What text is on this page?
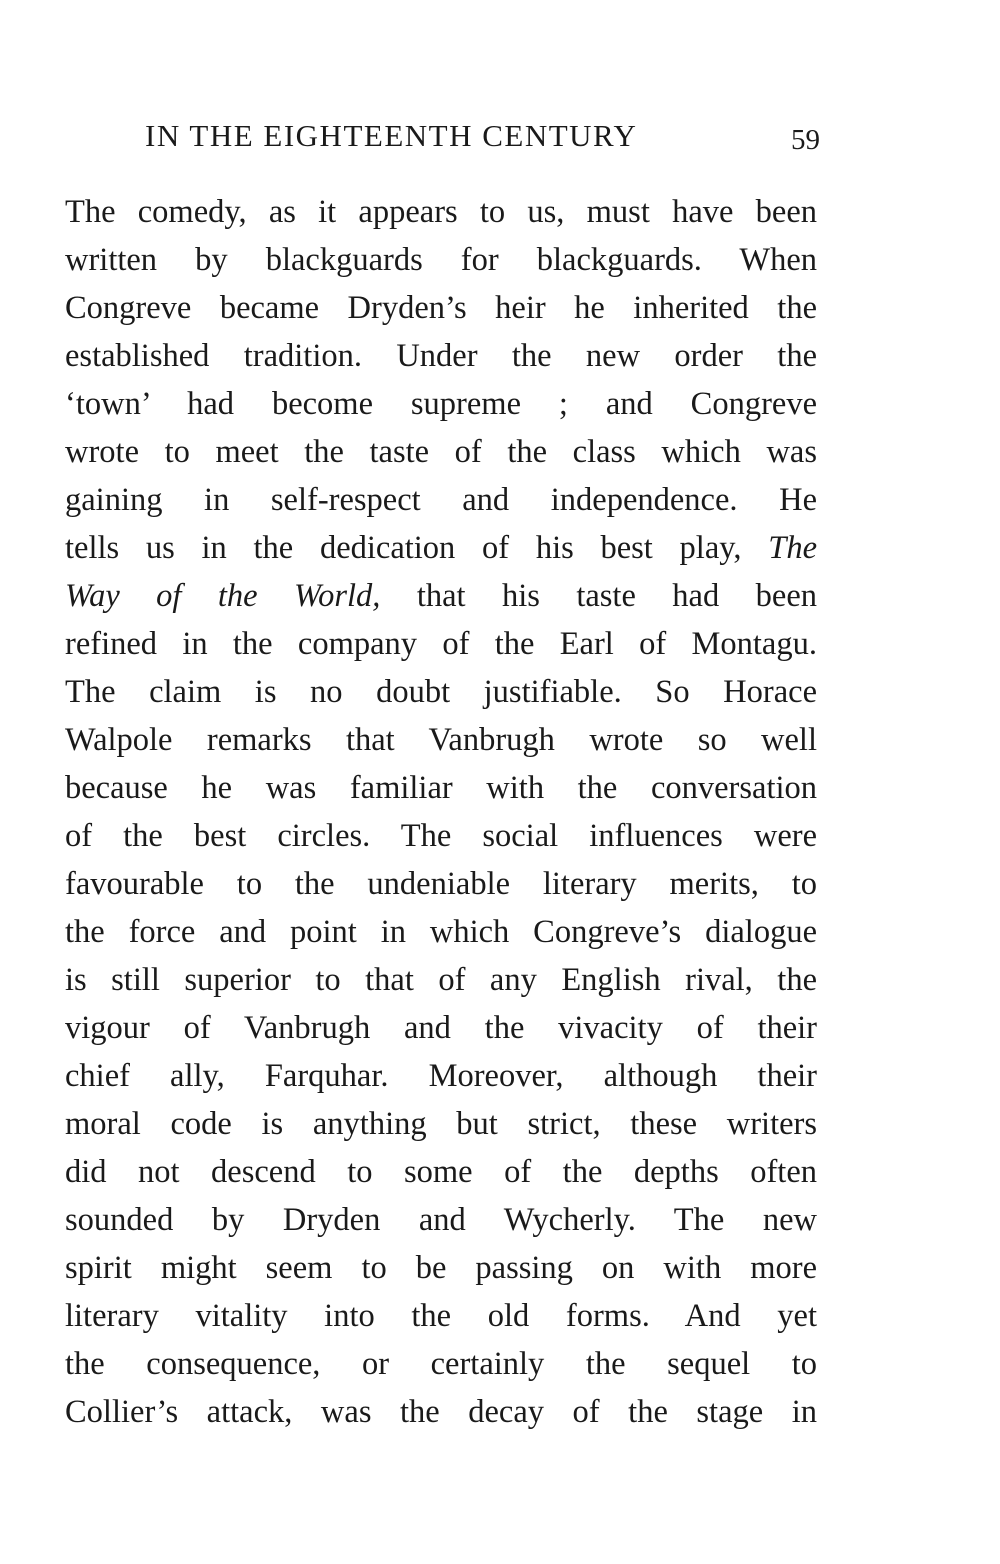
IN THE EIGHTEENTH CENTURY	59
The comedy, as it appears to us, must have been
written by blackguards for blackguards. When
Congreve became Dryden’s heir he inherited the
established tradition. Under the new order the
‘town’ had become supreme ; and Congreve
wrote to meet the taste of the class which was
gaining in self-respect and independence. He
tells us in the dedication of his best play, The
Way of the World, that his taste had been
refined in the company of the Earl of Montagu.
The claim is no doubt justifiable. So Horace
Walpole remarks that Vanbrugh wrote so well
because he was familiar with the conversation
of the best circles. The social influences were
favourable to the undeniable literary merits, to
the force and point in which Congreve’s dialogue
is still superior to that of any English rival, the
vigour of Vanbrugh and the vivacity of their
chief ally, Farquhar. Moreover, although their
moral code is anything but strict, these writers
did not descend to some of the depths often
sounded by Dryden and Wycherly. The new
spirit might seem to be passing on with more
literary vitality into the old forms. And yet
the consequence, or certainly the sequel to
Collier’s attack, was the decay of the stage in
